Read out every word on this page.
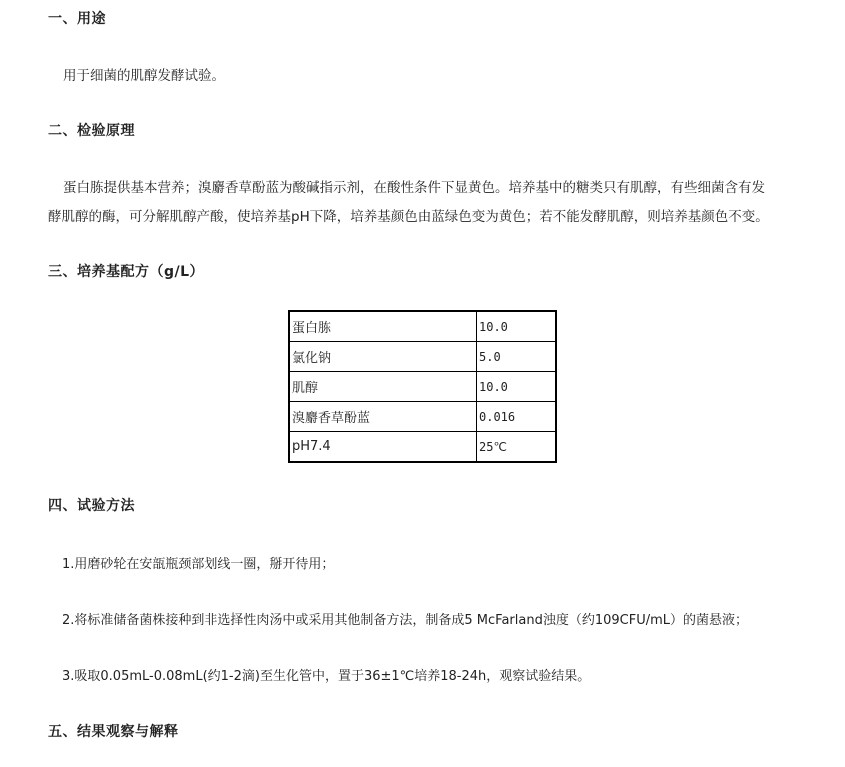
一、用途
用于细菌的肌醇发酵试验。
二、检验原理
蛋白胨提供基本营养；溴麝香草酚蓝为酸碱指示剂，在酸性条件下显黄色。培养基中的糖类只有肌醇，有些细菌含有发
酵肌醇的酶，可分解肌醇产酸，使培养基pH下降，培养基颜色由蓝绿色变为黄色；若不能发酵肌醇，则培养基颜色不变。
三、培养基配方（g/L）
蛋白胨	10.0
氯化钠	5.0
肌醇	10.0
溴麝香草酚蓝	0.016
pH7.4	25℃
四、试验方法
1.用磨砂轮在安瓿瓶颈部划线一圈，掰开待用；
2.将标准储备菌株接种到非选择性肉汤中或采用其他制备方法，制备成5 McFarland浊度（约109CFU/mL）的菌悬液；
3.吸取0.05mL-0.08mL(约1-2滴)至生化管中，置于36±1℃培养18-24h，观察试验结果。
五、结果观察与解释
